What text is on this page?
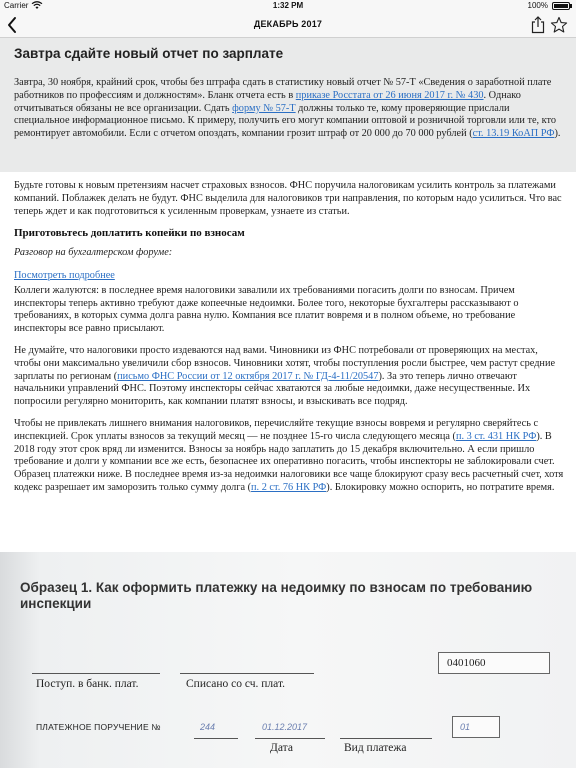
Carrier	1:32 PM	100%
ДЕКАБРЬ 2017
Завтра сдайте новый отчет по зарплате

Завтра, 30 ноября, крайний срок, чтобы без штрафа сдать в статистику новый отчет № 57-Т «Сведения о заработной плате работников по профессиям и должностям». Бланк отчета есть в приказе Росстата от 26 июня 2017 г. № 430. Однако отчитываться обязаны не все организации. Сдать форму № 57-Т должны только те, кому проверяющие прислали специальное информационное письмо. К примеру, получить его могут компании оптовой и розничной торговли или те, кто ремонтирует автомобили. Если с отчетом опоздать, компании грозит штраф от 20 000 до 70 000 рублей (ст. 13.19 КоАП РФ).

Будьте готовы к новым претензиям насчет страховых взносов. ФНС поручила налоговикам усилить контроль за платежами компаний. Поблажек делать не будут. ФНС выделила для налоговиков три направления, по которым надо усилиться. Что вас теперь ждет и как подготовиться к усиленным проверкам, узнаете из статьи.

Приготовьтесь доплатить копейки по взносам

Разговор на бухгалтерском форуме:

Посмотреть подробнее

Коллеги жалуются: в последнее время налоговики завалили их требованиями погасить долги по взносам. Причем инспекторы теперь активно требуют даже копеечные недоимки. Более того, некоторые бухгалтеры рассказывают о требованиях, в которых сумма долга равна нулю. Компания все платит вовремя и в полном объеме, но требование инспекторы все равно присылают.

Не думайте, что налоговики просто издеваются над вами. Чиновники из ФНС потребовали от проверяющих на местах, чтобы они максимально увеличили сбор взносов. Чиновники хотят, чтобы поступления росли быстрее, чем растут средние зарплаты по регионам (письмо ФНС России от 12 октября 2017 г. № ГД-4-11/20547). За это теперь лично отвечают начальники управлений ФНС. Поэтому инспекторы сейчас хватаются за любые недоимки, даже несущественные. Их попросили регулярно мониторить, как компании платят взносы, и взыскивать все подряд.

Чтобы не привлекать лишнего внимания налоговиков, перечисляйте текущие взносы вовремя и регулярно сверяйтесь с инспекцией. Срок уплаты взносов за текущий месяц — не позднее 15-го числа следующего месяца (п. 3 ст. 431 НК РФ). В 2018 году этот срок вряд ли изменится. Взносы за ноябрь надо заплатить до 15 декабря включительно. А если пришло требование и долги у компании все же есть, безопаснее их оперативно погасить, чтобы инспекторы не заблокировали счет. Образец платежки ниже. В последнее время из-за недоимки налоговики все чаще блокируют сразу весь расчетный счет, хотя кодекс разрешает им заморозить только сумму долга (п. 2 ст. 76 НК РФ). Блокировку можно оспорить, но потратите время.

Образец 1. Как оформить платежку на недоимку по взносам по требованию инспекции
0401060
Поступ. в банк. плат.	Списано со сч. плат.
ПЛАТЕЖНОЕ ПОРУЧЕНИЕ №	244	01.12.2017	01
Дата	Вид платежа
